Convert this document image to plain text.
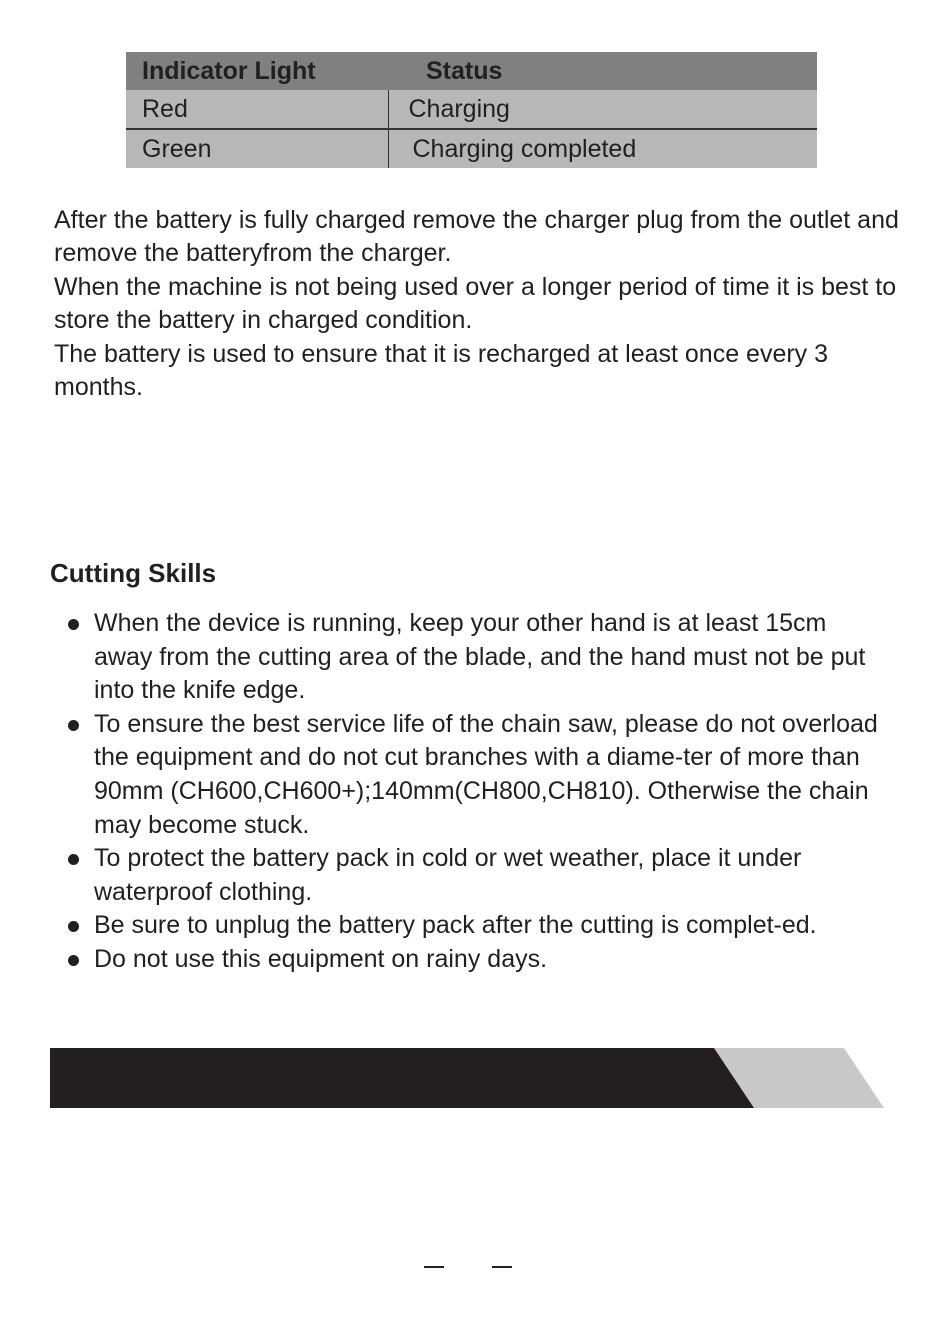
Indicator Light	Status
Red	Charging
Green	Charging completed

After the battery is fully charged remove the charger plug from the outlet and remove the batteryfrom the charger.

When the machine is not being used over a longer period of time it is best to store the battery in charged condition.

The battery is used to ensure that it is recharged at least once every 3 months.

Cutting Skills
When the device is running, keep your other hand is at least 15cm away from the cutting area of the blade, and the hand must not be put into the knife edge.
To ensure the best service life of the chain saw, please do not overload the equipment and do not cut branches with a diame-ter of more than 90mm (CH600,CH600+);140mm(CH800,CH810). Otherwise the chain may become stuck.
To protect the battery pack in cold or wet weather, place it under waterproof clothing.
Be sure to unplug the battery pack after the cutting is complet-ed.
Do not use this equipment on rainy days.
